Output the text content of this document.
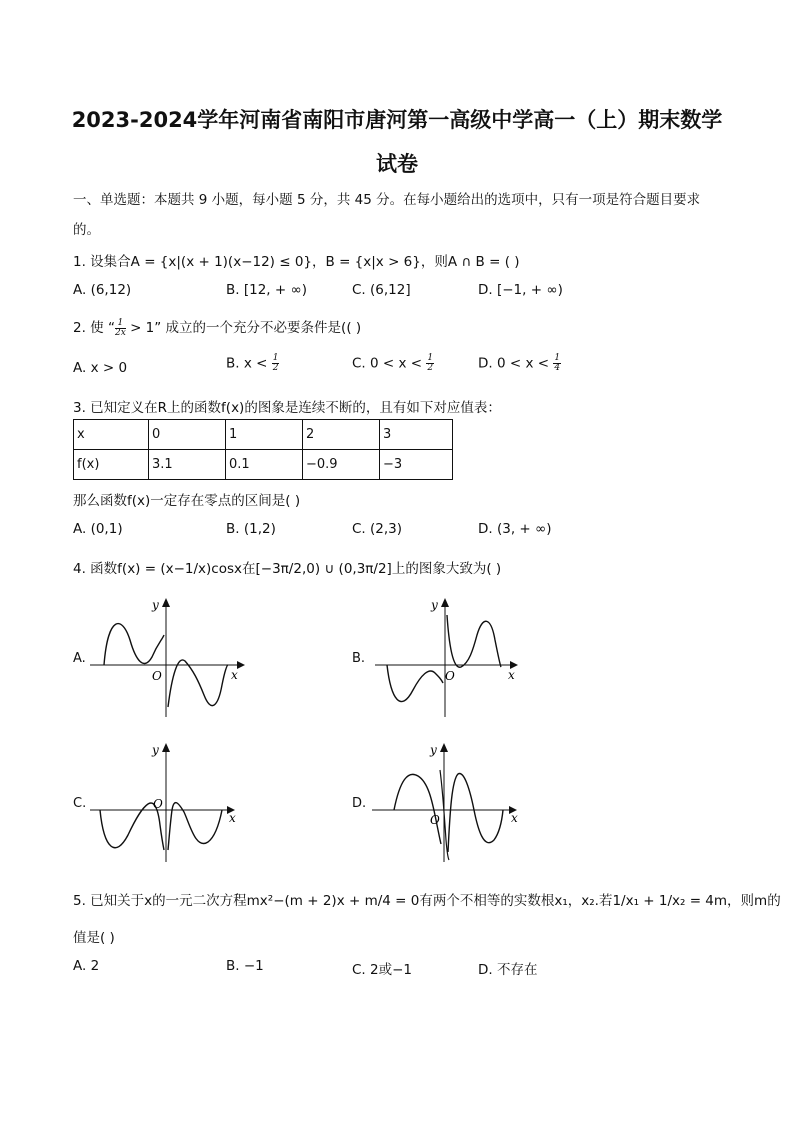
2023-2024学年河南省南阳市唐河第一高级中学高一（上）期末数学
试卷
一、单选题：本题共 9 小题，每小题 5 分，共 45 分。在每小题给出的选项中，只有一项是符合题目要求
的。
1. 设集合A = {x|(x + 1)(x−12) ≤ 0}，B = {x|x > 6}，则A ∩ B = ( )
A. (6,12)	B. [12, + ∞)	C. (6,12]	D. [−1, + ∞)
2. 使 “ $\frac{1}{2x} > 1$” 成立的一个充分不必要条件是(( )
A. x > 0	B. $x < \frac{1}{2}$	C. $0 < x < \frac{1}{2}$	D. $0 < x < \frac{1}{4}$
3. 已知定义在R上的函数f(x)的图象是连续不断的，且有如下对应值表：
x	0	1	2	3
f(x)	3.1	0.1	−0.9	−3
那么函数f(x)一定存在零点的区间是( )
A. (0,1)	B. (1,2)	C. (2,3)	D. (3, + ∞)
4. 函数f(x) = (x−1/x)cosx在[−3π/2,0) ∪ (0,3π/2]上的图象大致为( )
A.	B.
C.	D.
O	x
y
O	x
y
O
x
y
O	x
y
5. 已知关于x的一元二次方程mx²−(m + 2)x + m/4 = 0有两个不相等的实数根x₁，x₂.若1/x₁ + 1/x₂ = 4m，则m的
值是( )
A. 2	B. −1	C. 2或−1	D. 不存在
